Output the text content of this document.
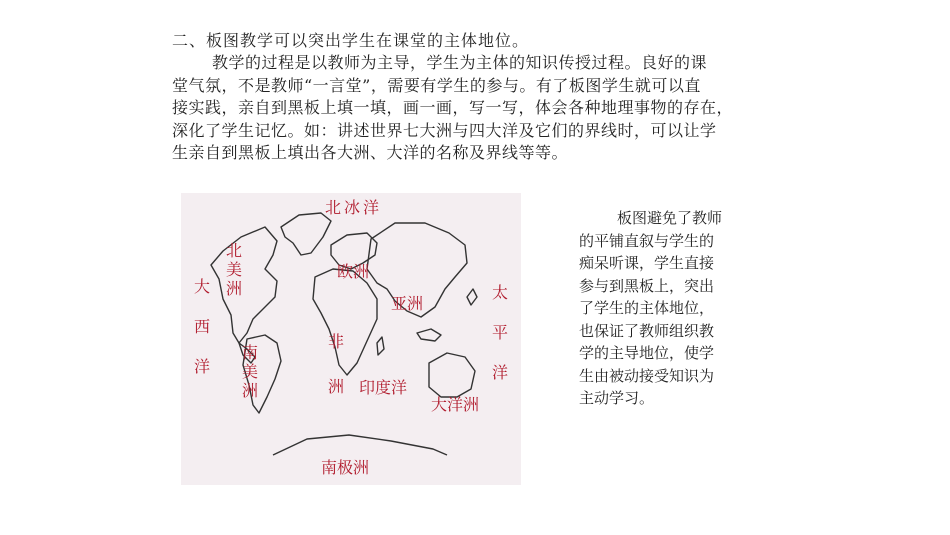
二、板图教学可以突出学生在课堂的主体地位。

教学的过程是以教师为主导，学生为主体的知识传授过程。良好的课
堂气氛，不是教师“一言堂”，需要有学生的参与。有了板图学生就可以直
接实践，亲自到黑板上填一填，画一画，写一写，体会各种地理事物的存在，
深化了学生记忆。如：讲述世界七大洲与四大洋及它们的界线时，可以让学
生亲自到黑板上填出各大洲、大洋的名称及界线等等。

北冰洋
北美洲
大西洋
欧洲
亚洲
太平洋
非洲
南美洲	印度洋
大洋洲
南极洲

板图避免了教师
的平铺直叙与学生的
痴呆听课，学生直接
参与到黑板上，突出
了学生的主体地位，
也保证了教师组织教
学的主导地位，使学
生由被动接受知识为
主动学习。
